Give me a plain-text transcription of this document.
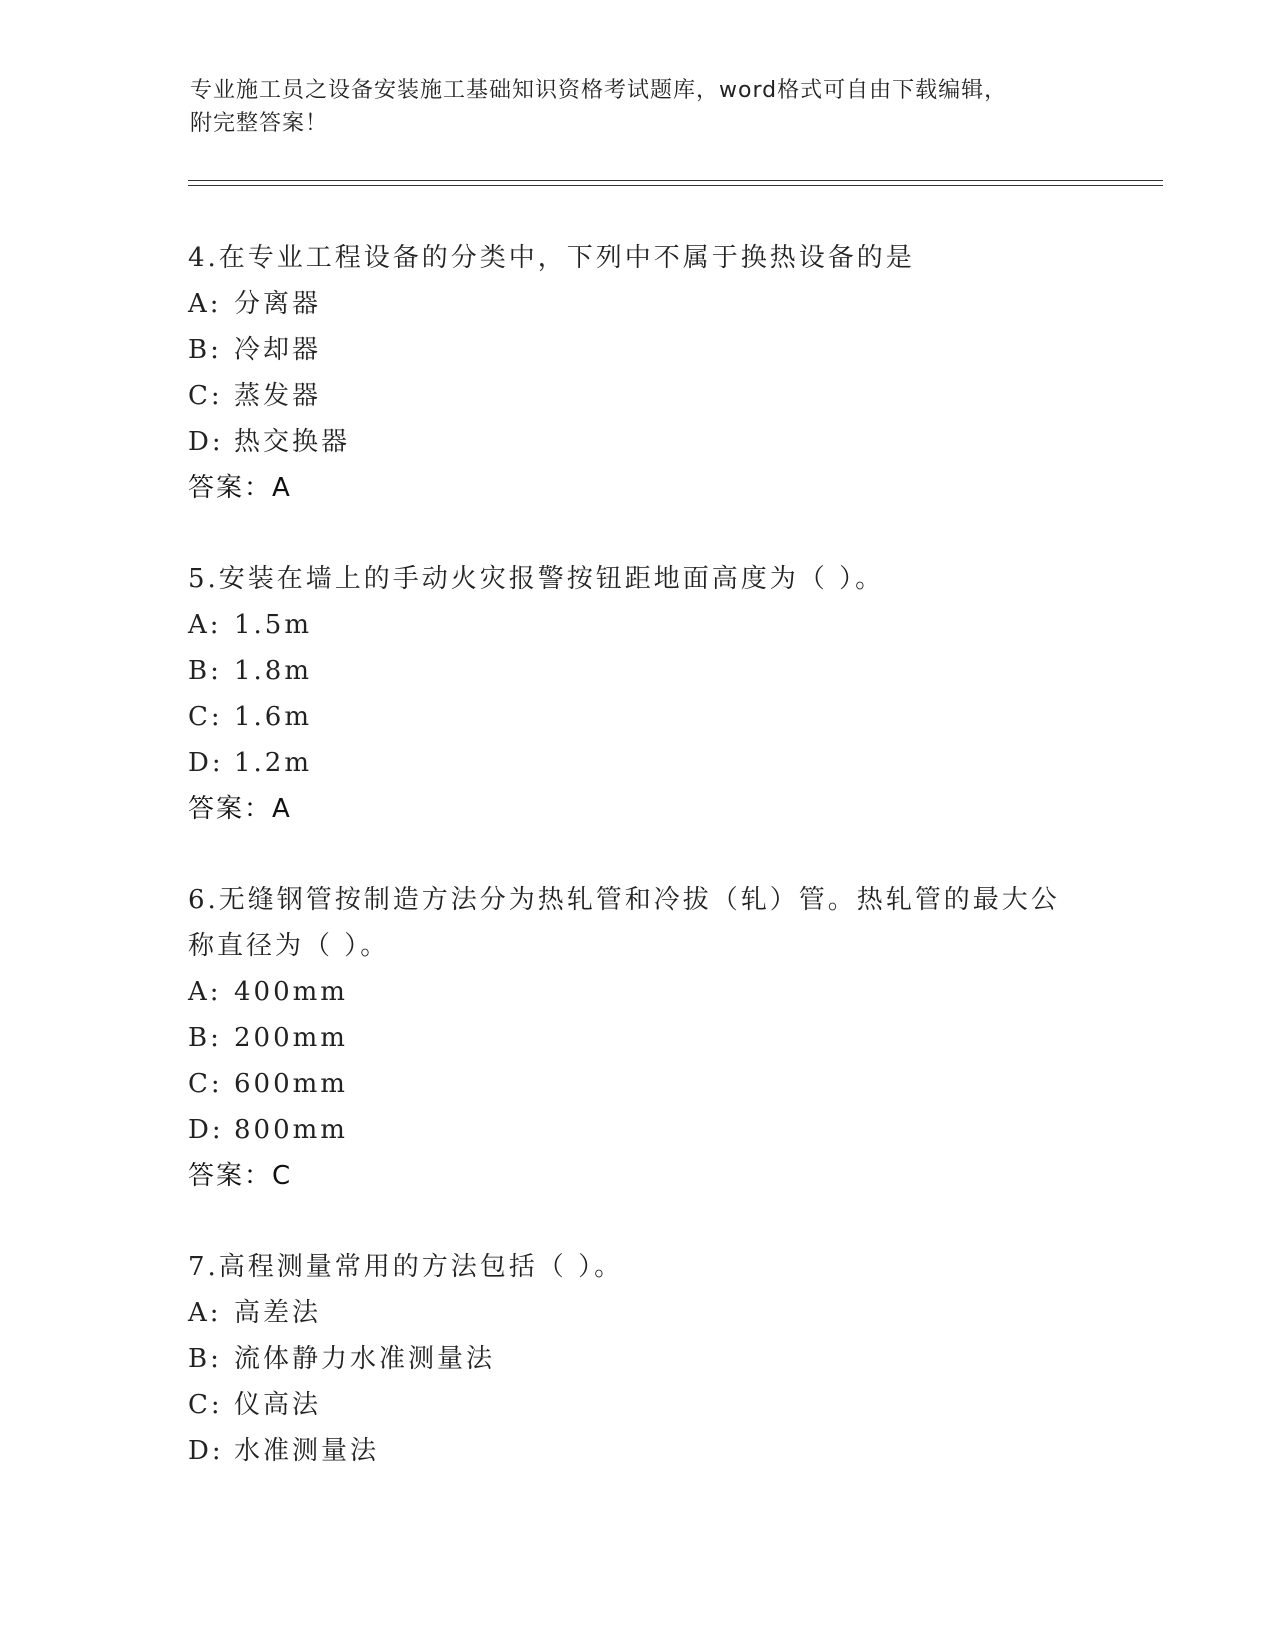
专业施工员之设备安装施工基础知识资格考试题库，word格式可自由下载编辑，
附完整答案！

4.在专业工程设备的分类中，下列中不属于换热设备的是

A: 分离器

B: 冷却器

C: 蒸发器

D: 热交换器

答案：A

5.安装在墙上的手动火灾报警按钮距地面高度为（ ）。

A: 1.5m

B: 1.8m

C: 1.6m

D: 1.2m

答案：A

6.无缝钢管按制造方法分为热轧管和冷拔（轧）管。热轧管的最大公

称直径为（ ）。

A: 400mm

B: 200mm

C: 600mm

D: 800mm

答案：C

7.高程测量常用的方法包括（ ）。

A: 高差法

B: 流体静力水准测量法

C: 仪高法

D: 水准测量法
